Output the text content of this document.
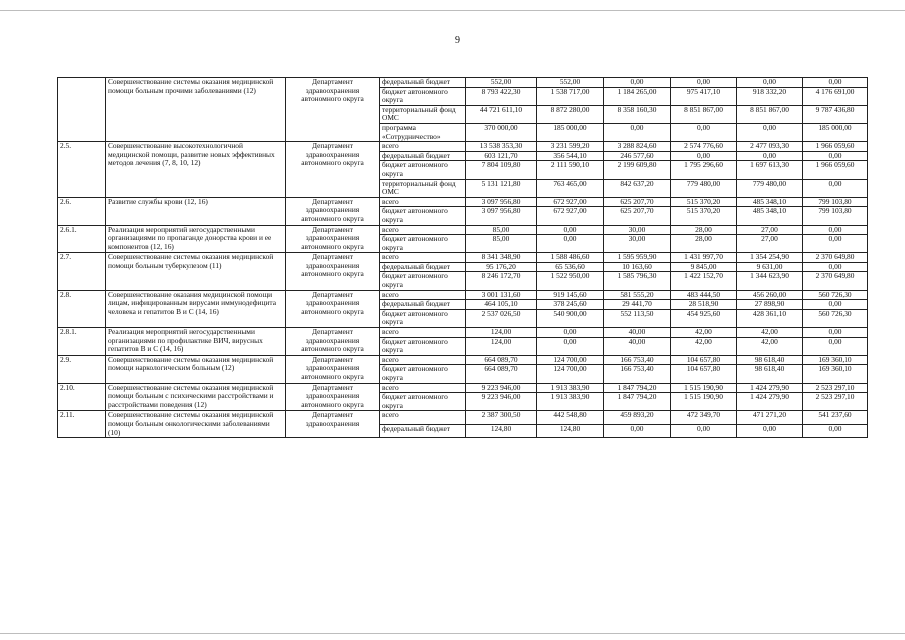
9
	Совершенствование системы оказания медицинской помощи больным прочими заболеваниями (12)	Департамент здравоохранения автономного округа	федеральный бюджет	552,00	552,00	0,00	0,00	0,00	0,00
			бюджет автономного округа	8 793 422,30	1 538 717,00	1 184 265,00	975 417,10	918 332,20	4 176 691,00
			территориальный фонд ОМС	44 721 611,10	8 872 280,00	8 358 160,30	8 851 867,00	8 851 867,00	9 787 436,80
			программа «Сотрудничество»	370 000,00	185 000,00	0,00	0,00	0,00	185 000,00
2.5.	Совершенствование высокотехнологичной медицинской помощи, развитие новых эффективных методов лечения (7, 8, 10, 12)	Департамент здравоохранения автономного округа	всего	13 538 353,30	3 231 599,20	3 288 824,60	2 574 776,60	2 477 093,30	1 966 059,60
			федеральный бюджет	603 121,70	356 544,10	246 577,60	0,00	0,00	0,00
			бюджет автономного округа	7 804 109,80	2 111 590,10	2 199 609,80	1 795 296,60	1 697 613,30	1 966 059,60
			территориальный фонд ОМС	5 131 121,80	763 465,00	842 637,20	779 480,00	779 480,00	0,00
2.6.	Развитие службы крови (12, 16)	Департамент здравоохранения автономного округа	всего	3 097 956,80	672 927,00	625 207,70	515 370,20	485 348,10	799 103,80
			бюджет автономного округа	3 097 956,80	672 927,00	625 207,70	515 370,20	485 348,10	799 103,80
2.6.1.	Реализация мероприятий негосударственными организациями по пропаганде донорства крови и ее компонентов (12, 16)	Департамент здравоохранения автономного округа	всего	85,00	0,00	30,00	28,00	27,00	0,00
			бюджет автономного округа	85,00	0,00	30,00	28,00	27,00	0,00
2.7.	Совершенствование системы оказания медицинской помощи больным туберкулезом (11)	Департамент здравоохранения автономного округа	всего	8 341 348,90	1 588 486,60	1 595 959,90	1 431 997,70	1 354 254,90	2 370 649,80
			федеральный бюджет	95 176,20	65 536,60	10 163,60	9 845,00	9 631,00	0,00
			бюджет автономного округа	8 246 172,70	1 522 950,00	1 585 796,30	1 422 152,70	1 344 623,90	2 370 649,80
2.8.	Совершенствование оказания медицинской помощи лицам, инфицированным вирусами иммунодефицита человека и гепатитов В и С (14, 16)	Департамент здравоохранения автономного округа	всего	3 001 131,60	919 145,60	581 555,20	483 444,50	456 260,00	560 726,30
			федеральный бюджет	464 105,10	378 245,60	29 441,70	28 518,90	27 898,90	0,00
			бюджет автономного округа	2 537 026,50	540 900,00	552 113,50	454 925,60	428 361,10	560 726,30
2.8.1.	Реализация мероприятий негосударственными организациями по профилактике ВИЧ, вирусных гепатитов В и С (14, 16)	Департамент здравоохранения автономного округа	всего	124,00	0,00	40,00	42,00	42,00	0,00
			бюджет автономного округа	124,00	0,00	40,00	42,00	42,00	0,00
2.9.	Совершенствование системы оказания медицинской помощи наркологическим больным (12)	Департамент здравоохранения автономного округа	всего	664 089,70	124 700,00	166 753,40	104 657,80	98 618,40	169 360,10
			бюджет автономного округа	664 089,70	124 700,00	166 753,40	104 657,80	98 618,40	169 360,10
2.10.	Совершенствование системы оказания медицинской помощи больным с психическими расстройствами и расстройствами поведения (12)	Департамент здравоохранения автономного округа	всего	9 223 946,00	1 913 383,90	1 847 794,20	1 515 190,90	1 424 279,90	2 523 297,10
			бюджет автономного округа	9 223 946,00	1 913 383,90	1 847 794,20	1 515 190,90	1 424 279,90	2 523 297,10
2.11.	Совершенствование системы оказания медицинской помощи больным онкологическими заболеваниями (10)	Департамент здравоохранения	всего	2 387 300,50	442 548,80	459 893,20	472 349,70	471 271,20	541 237,60
			федеральный бюджет	124,80	124,80	0,00	0,00	0,00	0,00
